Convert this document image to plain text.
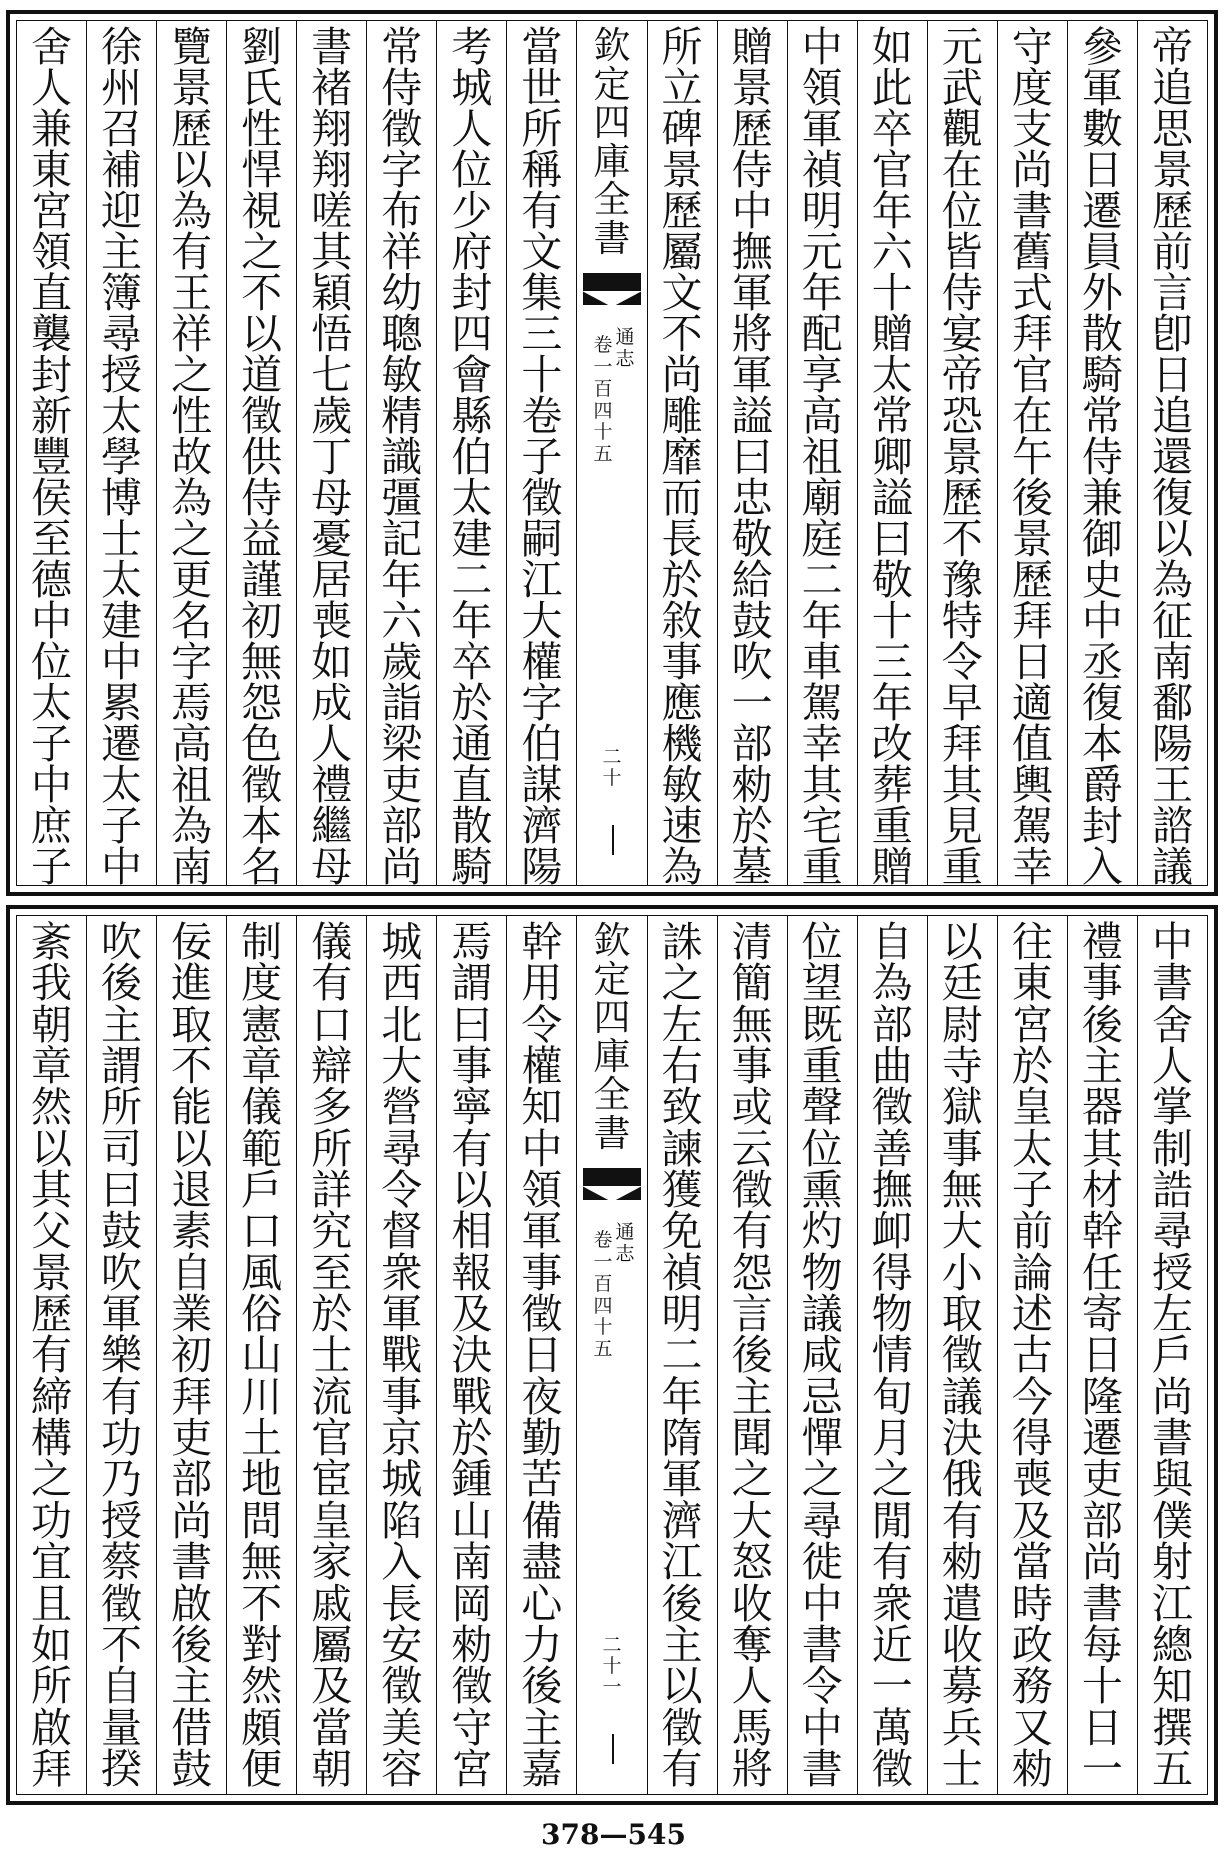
帝
追
思
景
歷
前
言
卽
日
追
還
復
以
為
征
南
鄱
陽
王
諮
議
參
軍
數
日
遷
員
外
散
騎
常
侍
兼
御
史
中
丞
復
本
爵
封
入
守
度
支
尚
書
舊
式
拜
官
在
午
後
景
歷
拜
日
適
值
輿
駕
幸
元
武
觀
在
位
皆
侍
宴
帝
恐
景
歷
不
豫
特
令
早
拜
其
見
重
如
此
卒
官
年
六
十
贈
太
常
卿
謚
曰
敬
十
三
年
改
葬
重
贈
中
領
軍
禎
明
元
年
配
享
高
祖
廟
庭
二
年
車
駕
幸
其
宅
重
贈
景
歷
侍
中
撫
軍
將
軍
謚
曰
忠
敬
給
鼓
吹
一
部
勑
於
墓
所
立
碑
景
歷
屬
文
不
尚
雕
靡
而
長
於
敘
事
應
機
敏
速
為
欽
定
四
庫
全
書
通
志
卷
一
百
四
十
五
二
十
當
世
所
稱
有
文
集
三
十
卷
子
徵
嗣
江
大
權
字
伯
謀
濟
陽
考
城
人
位
少
府
封
四
會
縣
伯
太
建
二
年
卒
於
通
直
散
騎
常
侍
徵
字
布
祥
幼
聰
敏
精
識
彊
記
年
六
歲
詣
梁
吏
部
尚
書
褚
翔
翔
嗟
其
穎
悟
七
歲
丁
母
憂
居
喪
如
成
人
禮
繼
母
劉
氏
性
悍
視
之
不
以
道
徵
供
侍
益
謹
初
無
怨
色
徵
本
名
覽
景
歷
以
為
有
王
祥
之
性
故
為
之
更
名
字
焉
高
祖
為
南
徐
州
召
補
迎
主
簿
尋
授
太
學
博
士
太
建
中
累
遷
太
子
中
舍
人
兼
東
宮
領
直
襲
封
新
豐
侯
至
德
中
位
太
子
中
庶
子
中
書
舍
人
掌
制
誥
尋
授
左
戶
尚
書
與
僕
射
江
總
知
撰
五
禮
事
後
主
器
其
材
幹
任
寄
日
隆
遷
吏
部
尚
書
每
十
日
一
往
東
宮
於
皇
太
子
前
論
述
古
今
得
喪
及
當
時
政
務
又
勑
以
廷
尉
寺
獄
事
無
大
小
取
徵
議
決
俄
有
勑
遣
收
募
兵
士
自
為
部
曲
徵
善
撫
卹
得
物
情
旬
月
之
閒
有
衆
近
一
萬
徵
位
望
既
重
聲
位
熏
灼
物
議
咸
忌
憚
之
尋
徙
中
書
令
中
書
清
簡
無
事
或
云
徵
有
怨
言
後
主
聞
之
大
怒
收
奪
人
馬
將
誅
之
左
右
致
諫
獲
免
禎
明
二
年
隋
軍
濟
江
後
主
以
徵
有
欽
定
四
庫
全
書
通
志
卷
一
百
四
十
五
二
十
一
幹
用
令
權
知
中
領
軍
事
徵
日
夜
勤
苦
備
盡
心
力
後
主
嘉
焉
謂
曰
事
寧
有
以
相
報
及
決
戰
於
鍾
山
南
岡
勑
徵
守
宮
城
西
北
大
營
尋
令
督
衆
軍
戰
事
京
城
陷
入
長
安
徵
美
容
儀
有
口
辯
多
所
詳
究
至
於
士
流
官
宦
皇
家
戚
屬
及
當
朝
制
度
憲
章
儀
範
戶
口
風
俗
山
川
土
地
問
無
不
對
然
頗
便
佞
進
取
不
能
以
退
素
自
業
初
拜
吏
部
尚
書
啟
後
主
借
鼓
吹
後
主
謂
所
司
曰
鼓
吹
軍
樂
有
功
乃
授
蔡
徵
不
自
量
揆
紊
我
朝
章
然
以
其
父
景
歷
有
締
構
之
功
宜
且
如
所
啟
拜
378—545
